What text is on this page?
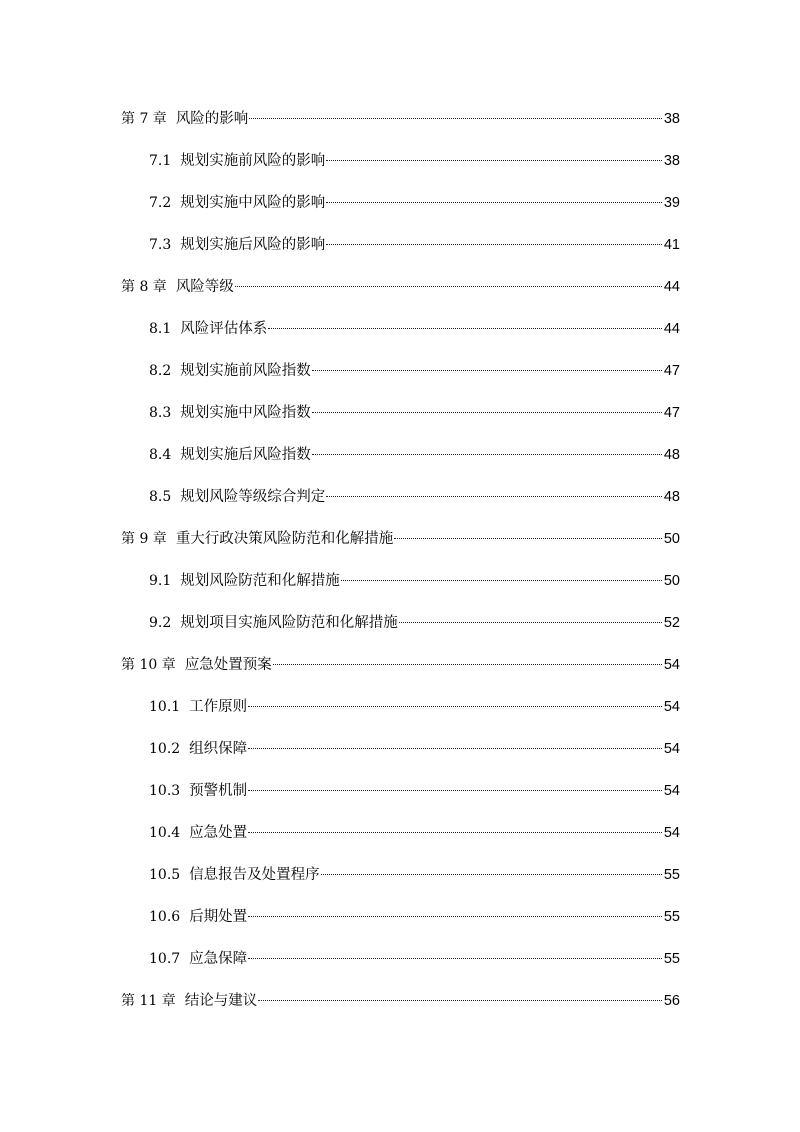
第 7 章 风险的影响	38
7.1 规划实施前风险的影响	38
7.2 规划实施中风险的影响	39
7.3 规划实施后风险的影响	41
第 8 章 风险等级	44
8.1 风险评估体系	44
8.2 规划实施前风险指数	47
8.3 规划实施中风险指数	47
8.4 规划实施后风险指数	48
8.5 规划风险等级综合判定	48
第 9 章 重大行政决策风险防范和化解措施	50
9.1 规划风险防范和化解措施	50
9.2 规划项目实施风险防范和化解措施	52
第 10 章 应急处置预案	54
10.1 工作原则	54
10.2 组织保障	54
10.3 预警机制	54
10.4 应急处置	54
10.5 信息报告及处置程序	55
10.6 后期处置	55
10.7 应急保障	55
第 11 章 结论与建议	56
